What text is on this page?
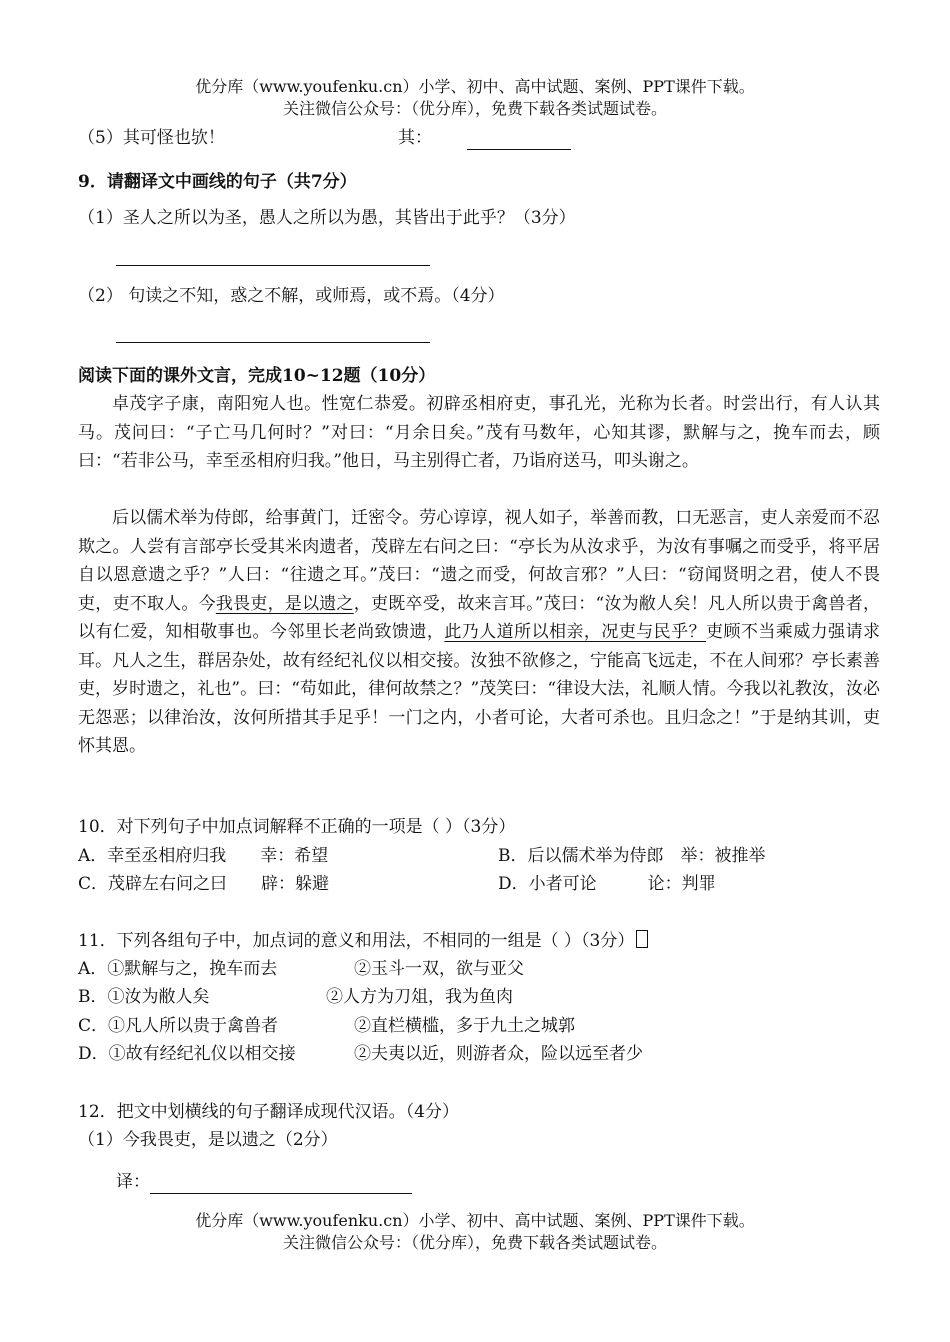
优分库（www.youfenku.cn）小学、初中、高中试题、案例、PPT课件下载。
关注微信公众号：（优分库），免费下载各类试题试卷。
（5）其可怪也欤！	其：
9．请翻译文中画线的句子（共7分）
（1）圣人之所以为圣，愚人之所以为愚，其皆出于此乎？（3分）
（2） 句读之不知，惑之不解，或师焉，或不焉。（4分）
阅读下面的课外文言，完成10~12题（10分）
卓茂字子康，南阳宛人也。性宽仁恭爱。初辟丞相府吏，事孔光，光称为长者。时尝出行，有人认其马。茂问曰：“子亡马几何时？”对曰：“月余日矣。”茂有马数年，心知其谬，默解与之，挽车而去，顾曰：“若非公马，幸至丞相府归我。”他日，马主别得亡者，乃诣府送马，叩头谢之。
后以儒术举为侍郎，给事黄门，迁密令。劳心谆谆，视人如子，举善而教，口无恶言，吏人亲爱而不忍欺之。人尝有言部亭长受其米肉遗者，茂辟左右问之曰：“亭长为从汝求乎，为汝有事嘱之而受乎，将平居自以恩意遗之乎？”人曰：“往遗之耳。”茂曰：“遗之而受，何故言邪？”人曰：“窃闻贤明之君，使人不畏吏，吏不取人。今我畏吏，是以遗之，吏既卒受，故来言耳。”茂曰：“汝为敝人矣！凡人所以贵于禽兽者，以有仁爱，知相敬事也。今邻里长老尚致馈遗，此乃人道所以相亲，况吏与民乎？吏顾不当乘威力强请求耳。凡人之生，群居杂处，故有经纪礼仪以相交接。汝独不欲修之，宁能高飞远走，不在人间邪？亭长素善吏，岁时遗之，礼也”。曰：“苟如此，律何故禁之？”茂笑曰：“律设大法，礼顺人情。今我以礼教汝，汝必无怨恶；以律治汝，汝何所措其手足乎！一门之内，小者可论，大者可杀也。且归念之！”于是纳其训，吏怀其恩。
10．对下列句子中加点词解释不正确的一项是（ ）（3分）
A．幸至丞相府归我　　幸：希望	B．后以儒术举为侍郎　举：被推举
C．茂辟左右问之曰　　辟：躲避	D．小者可论　　　论：判罪
11．下列各组句子中，加点词的意义和用法，不相同的一组是（ ）（3分）
A．①默解与之，挽车而去	②玉斗一双，欲与亚父
B．①汝为敝人矣	②人方为刀俎，我为鱼肉
C．①凡人所以贵于禽兽者	②直栏横槛，多于九土之城郭
D．①故有经纪礼仪以相交接	②夫夷以近，则游者众，险以远至者少
12．把文中划横线的句子翻译成现代汉语。（4分）
（1）今我畏吏，是以遗之（2分）
译：
优分库（www.youfenku.cn）小学、初中、高中试题、案例、PPT课件下载。
关注微信公众号：（优分库），免费下载各类试题试卷。
